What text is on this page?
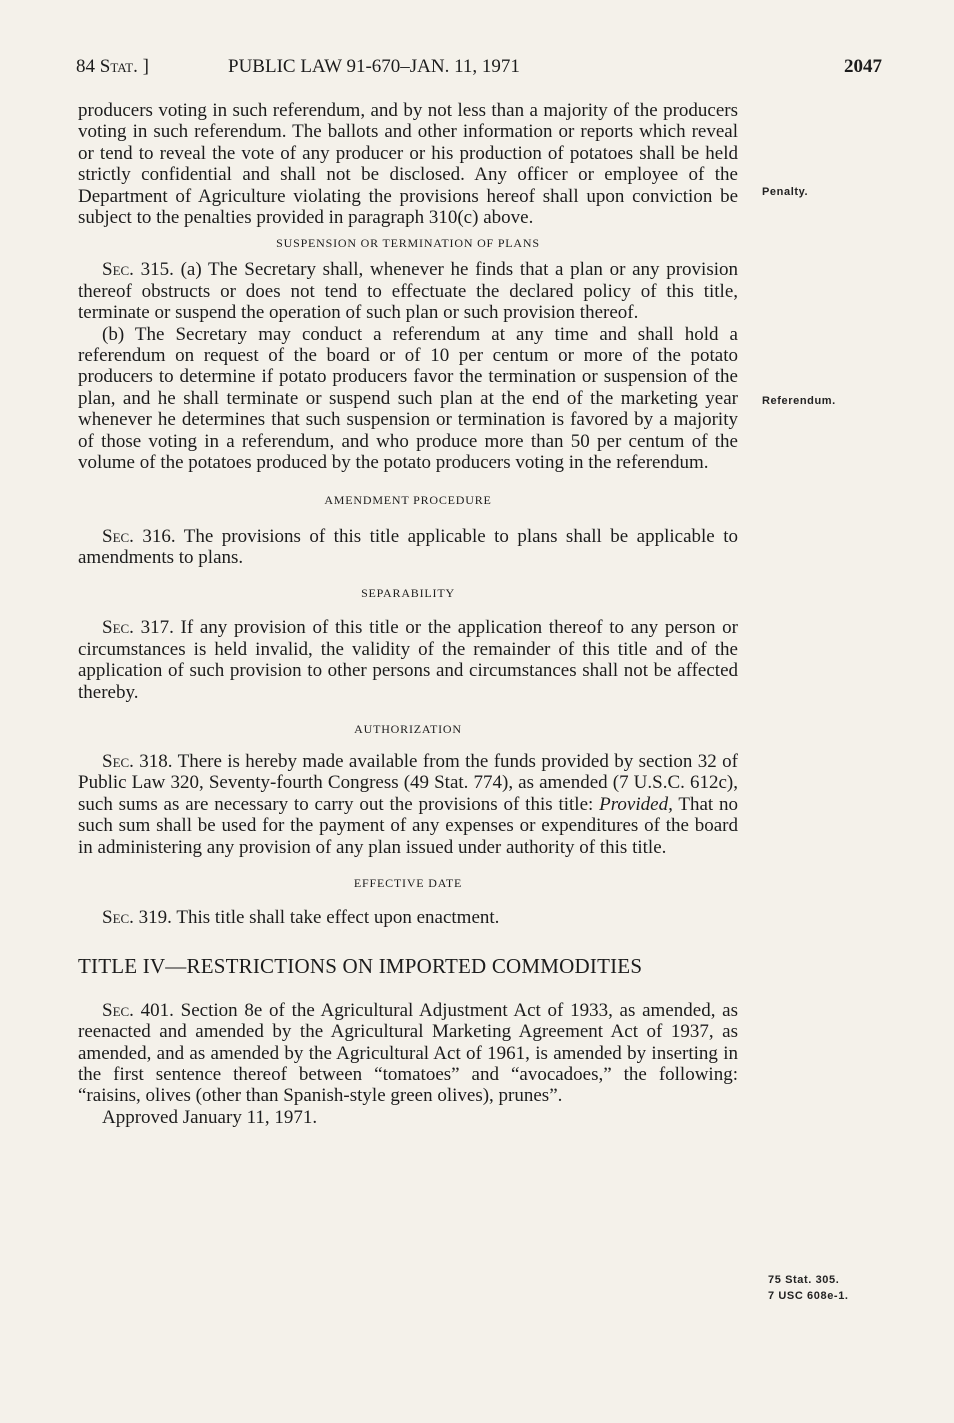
84 Stat. ]	PUBLIC LAW 91-670–JAN. 11, 1971	2047

producers voting in such referendum, and by not less than a majority of the producers voting in such referendum. The ballots and other information or reports which reveal or tend to reveal the vote of any producer or his production of potatoes shall be held strictly confidential and shall not be disclosed. Any officer or employee of the Department of Agriculture violating the provisions hereof shall upon conviction be subject to the penalties provided in paragraph 310(c) above.

SUSPENSION OR TERMINATION OF PLANS

Sec. 315. (a) The Secretary shall, whenever he finds that a plan or any provision thereof obstructs or does not tend to effectuate the declared policy of this title, terminate or suspend the operation of such plan or such provision thereof.

(b) The Secretary may conduct a referendum at any time and shall hold a referendum on request of the board or of 10 per centum or more of the potato producers to determine if potato producers favor the termination or suspension of the plan, and he shall terminate or suspend such plan at the end of the marketing year whenever he determines that such suspension or termination is favored by a majority of those voting in a referendum, and who produce more than 50 per centum of the volume of the potatoes produced by the potato producers voting in the referendum.

AMENDMENT PROCEDURE

Sec. 316. The provisions of this title applicable to plans shall be applicable to amendments to plans.

SEPARABILITY

Sec. 317. If any provision of this title or the application thereof to any person or circumstances is held invalid, the validity of the remainder of this title and of the application of such provision to other persons and circumstances shall not be affected thereby.

AUTHORIZATION

Sec. 318. There is hereby made available from the funds provided by section 32 of Public Law 320, Seventy-fourth Congress (49 Stat. 774), as amended (7 U.S.C. 612c), such sums as are necessary to carry out the provisions of this title: Provided, That no such sum shall be used for the payment of any expenses or expenditures of the board in administering any provision of any plan issued under authority of this title.

EFFECTIVE DATE

Sec. 319. This title shall take effect upon enactment.

TITLE IV—RESTRICTIONS ON IMPORTED COMMODITIES

Sec. 401. Section 8e of the Agricultural Adjustment Act of 1933, as amended, as reenacted and amended by the Agricultural Marketing Agreement Act of 1937, as amended, and as amended by the Agricultural Act of 1961, is amended by inserting in the first sentence thereof between “tomatoes” and “avocadoes,” the following: “raisins, olives (other than Spanish-style green olives), prunes”.

Approved January 11, 1971.

Penalty.
Referendum.
75 Stat. 305.
7 USC 608e-1.
